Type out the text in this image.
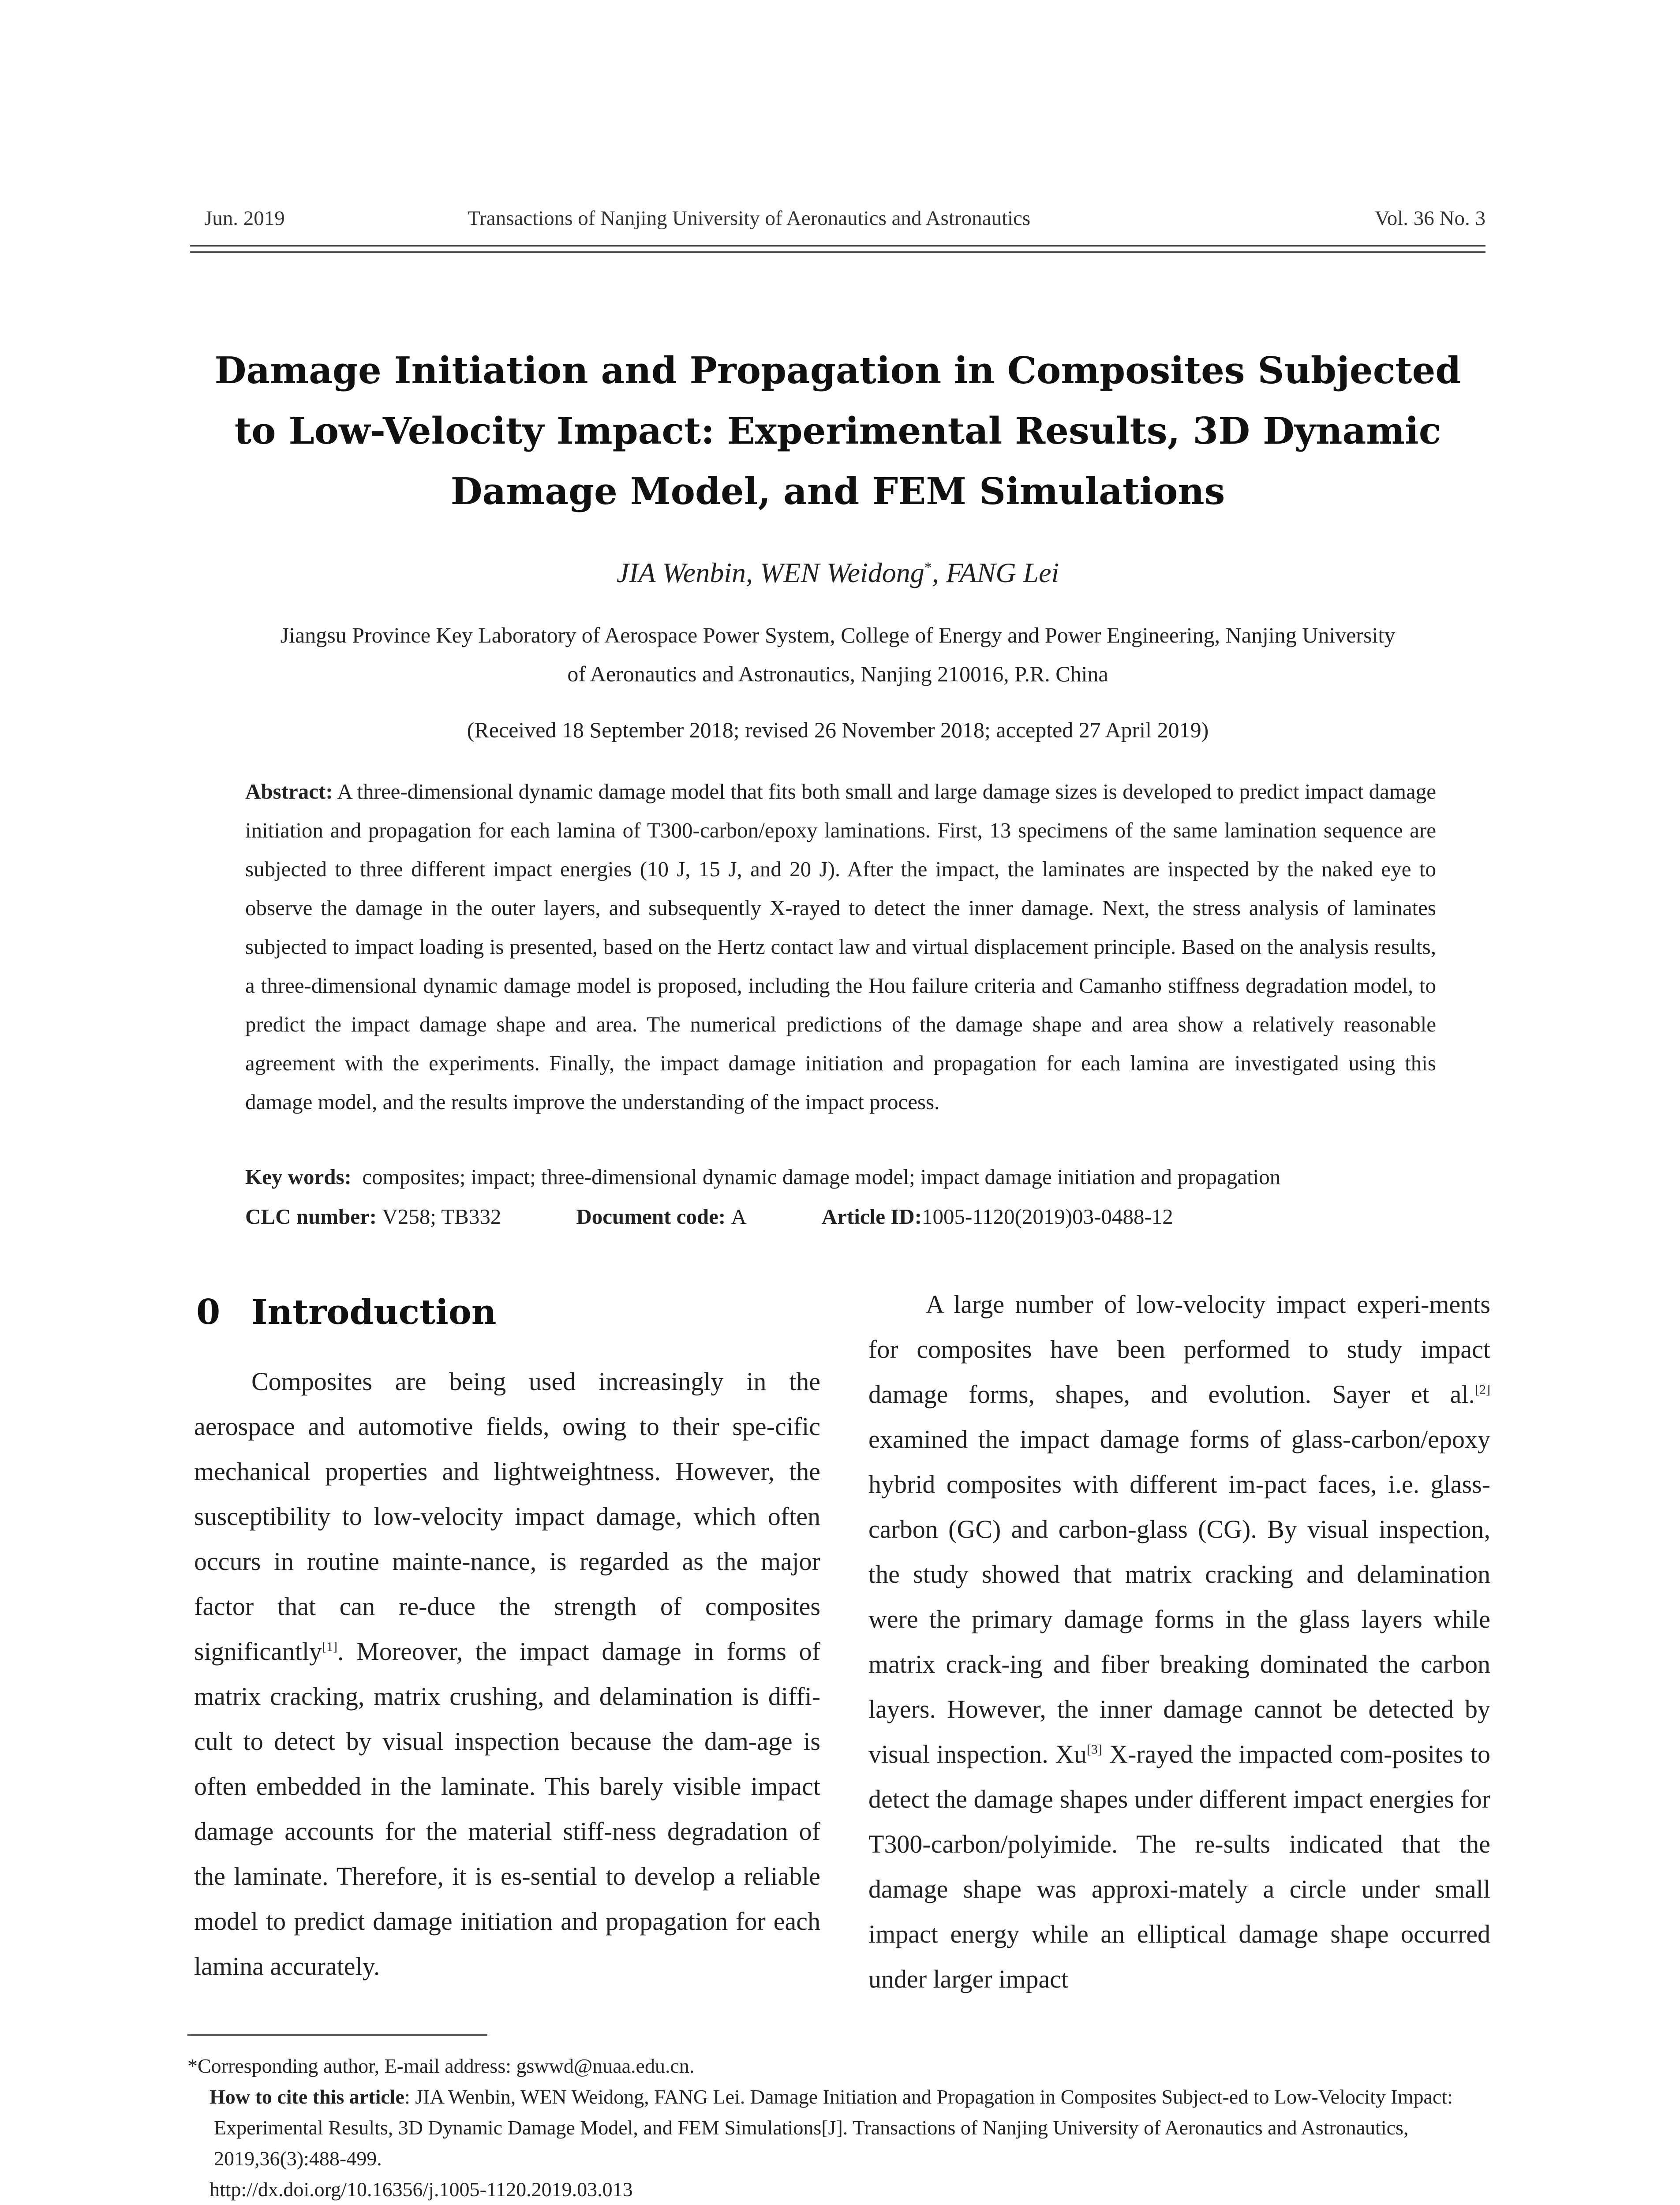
Jun. 2019	Transactions of Nanjing University of Aeronautics and Astronautics	Vol. 36 No. 3
Damage Initiation and Propagation in Composites Subjected
to Low-Velocity Impact: Experimental Results, 3D Dynamic
Damage Model, and FEM Simulations
JIA Wenbin, WEN Weidong*, FANG Lei
Jiangsu Province Key Laboratory of Aerospace Power System, College of Energy and Power Engineering, Nanjing University
of Aeronautics and Astronautics, Nanjing 210016, P.R. China
(Received 18 September 2018; revised 26 November 2018; accepted 27 April 2019)
Abstract: A three-dimensional dynamic damage model that fits both small and large damage sizes is developed to predict impact damage initiation and propagation for each lamina of T300-carbon/epoxy laminations. First, 13 specimens of the same lamination sequence are subjected to three different impact energies (10 J, 15 J, and 20 J). After the impact, the laminates are inspected by the naked eye to observe the damage in the outer layers, and subsequently X-rayed to detect the inner damage. Next, the stress analysis of laminates subjected to impact loading is presented, based on the Hertz contact law and virtual displacement principle. Based on the analysis results, a three-dimensional dynamic damage model is proposed, including the Hou failure criteria and Camanho stiffness degradation model, to predict the impact damage shape and area. The numerical predictions of the damage shape and area show a relatively reasonable agreement with the experiments. Finally, the impact damage initiation and propagation for each lamina are investigated using this damage model, and the results improve the understanding of the impact process.
Key words: composites; impact; three-dimensional dynamic damage model; impact damage initiation and propagation
CLC number: V258; TB332	Document code: A	Article ID:1005-1120(2019)03-0488-12
0 Introduction
Composites are being used increasingly in the aerospace and automotive fields, owing to their spe-cific mechanical properties and lightweightness. However, the susceptibility to low-velocity impact damage, which often occurs in routine mainte-nance, is regarded as the major factor that can re-duce the strength of composites significantly[1]. Moreover, the impact damage in forms of matrix cracking, matrix crushing, and delamination is diffi-cult to detect by visual inspection because the dam-age is often embedded in the laminate. This barely visible impact damage accounts for the material stiff-ness degradation of the laminate. Therefore, it is es-sential to develop a reliable model to predict damage initiation and propagation for each lamina accurately.
A large number of low-velocity impact experi-ments for composites have been performed to study impact damage forms, shapes, and evolution. Sayer et al.[2] examined the impact damage forms of glass-carbon/epoxy hybrid composites with different im-pact faces, i.e. glass-carbon (GC) and carbon-glass (CG). By visual inspection, the study showed that matrix cracking and delamination were the primary damage forms in the glass layers while matrix crack-ing and fiber breaking dominated the carbon layers. However, the inner damage cannot be detected by visual inspection. Xu[3] X-rayed the impacted com-posites to detect the damage shapes under different impact energies for T300-carbon/polyimide. The re-sults indicated that the damage shape was approxi-mately a circle under small impact energy while an elliptical damage shape occurred under larger impact
*Corresponding author, E-mail address: gswwd@nuaa.edu.cn.
How to cite this article: JIA Wenbin, WEN Weidong, FANG Lei. Damage Initiation and Propagation in Composites Subject-ed to Low-Velocity Impact: Experimental Results, 3D Dynamic Damage Model, and FEM Simulations[J]. Transactions of Nanjing University of Aeronautics and Astronautics, 2019,36(3):488-499.
http://dx.doi.org/10.16356/j.1005-1120.2019.03.013
